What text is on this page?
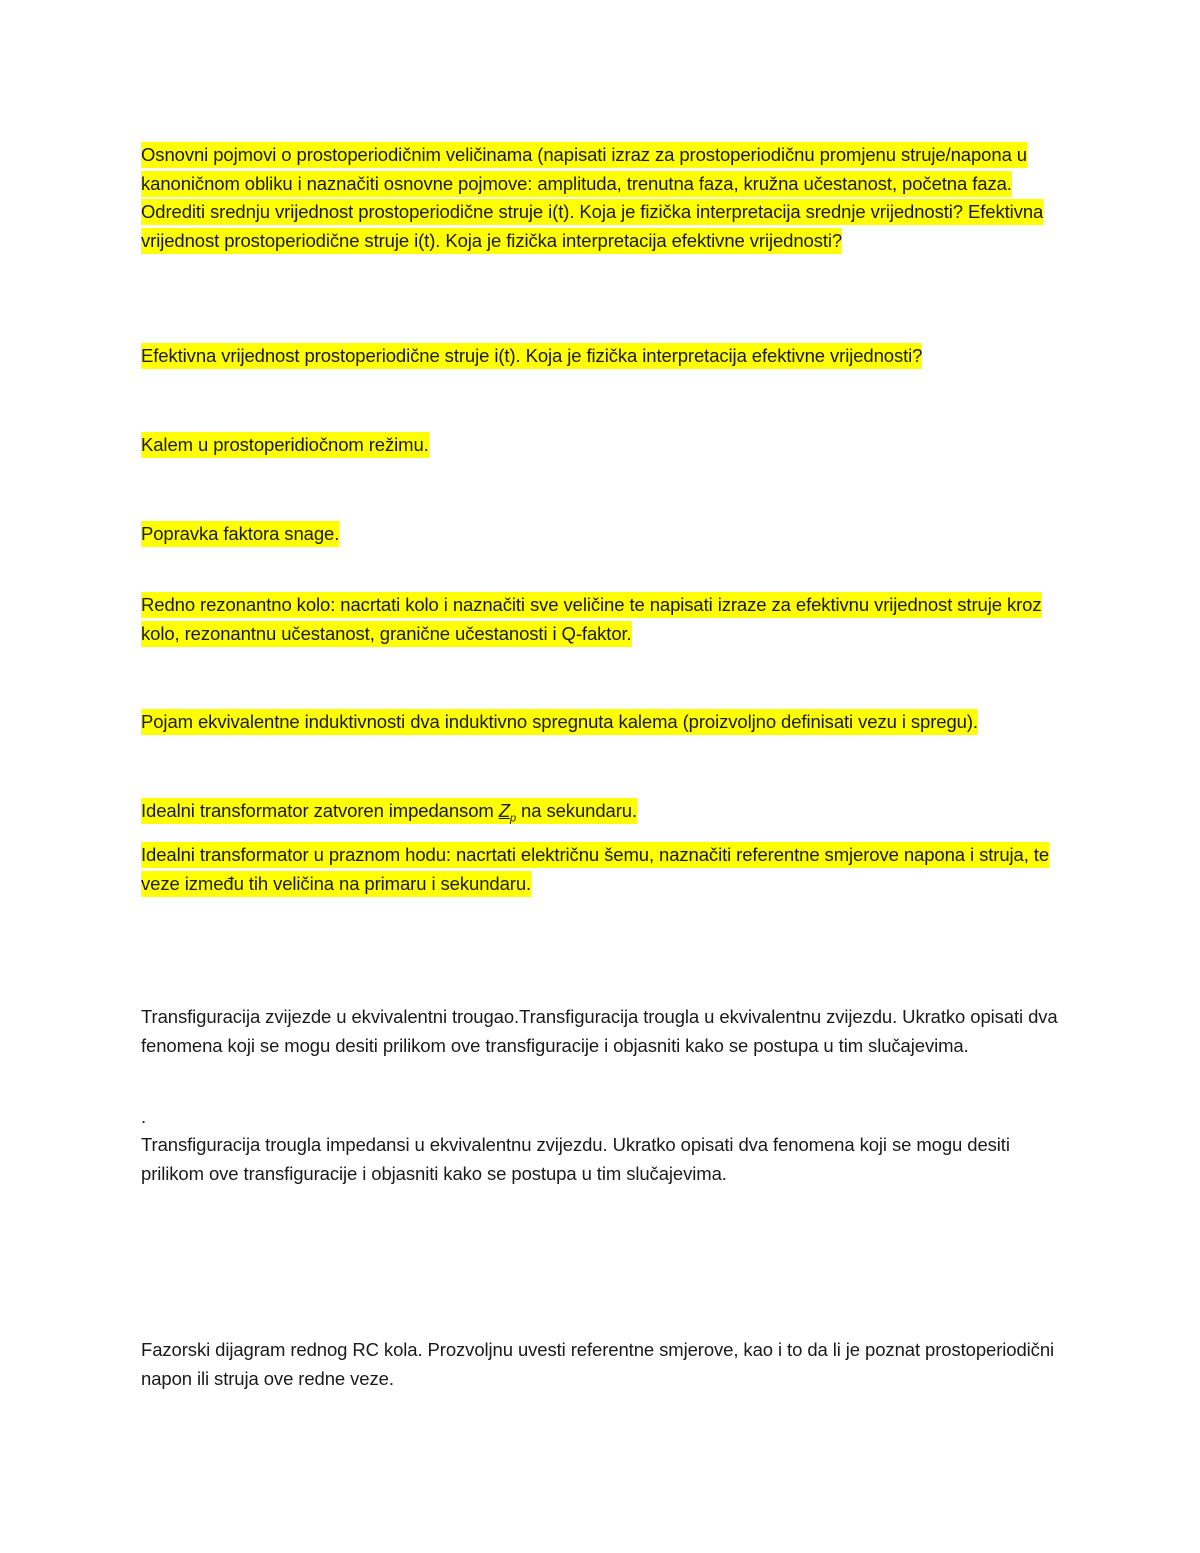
Osnovni pojmovi o prostoperiodičnim veličinama (napisati izraz za prostoperiodičnu promjenu struje/napona u kanoničnom obliku i naznačiti osnovne pojmove: amplituda, trenutna faza, kružna učestanost, početna faza. Odrediti srednju vrijednost prostoperiodične struje i(t). Koja je fizička interpretacija srednje vrijednosti? Efektivna vrijednost prostoperiodične struje i(t). Koja je fizička interpretacija efektivne vrijednosti?

Efektivna vrijednost prostoperiodične struje i(t). Koja je fizička interpretacija efektivne vrijednosti?

Kalem u prostoperidiočnom režimu.

Popravka faktora snage.

Redno rezonantno kolo: nacrtati kolo i naznačiti sve veličine te napisati izraze za efektivnu vrijednost struje kroz kolo, rezonantnu učestanost, granične učestanosti i Q-faktor.

Pojam ekvivalentne induktivnosti dva induktivno spregnuta kalema (proizvoljno definisati vezu i spregu).

Idealni transformator zatvoren impedansom $Z_p$ na sekundaru.

Idealni transformator u praznom hodu: nacrtati električnu šemu, naznačiti referentne smjerove napona i struja, te veze između tih veličina na primaru i sekundaru.

Transfiguracija zvijezde u ekvivalentni trougao.Transfiguracija trougla u ekvivalentnu zvijezdu. Ukratko opisati dva fenomena koji se mogu desiti prilikom ove transfiguracije i objasniti kako se postupa u tim slučajevima.

.

Transfiguracija trougla impedansi u ekvivalentnu zvijezdu. Ukratko opisati dva fenomena koji se mogu desiti prilikom ove transfiguracije i objasniti kako se postupa u tim slučajevima.

Fazorski dijagram rednog RC kola. Prozvoljnu uvesti referentne smjerove, kao i to da li je poznat prostoperiodični napon ili struja ove redne veze.
